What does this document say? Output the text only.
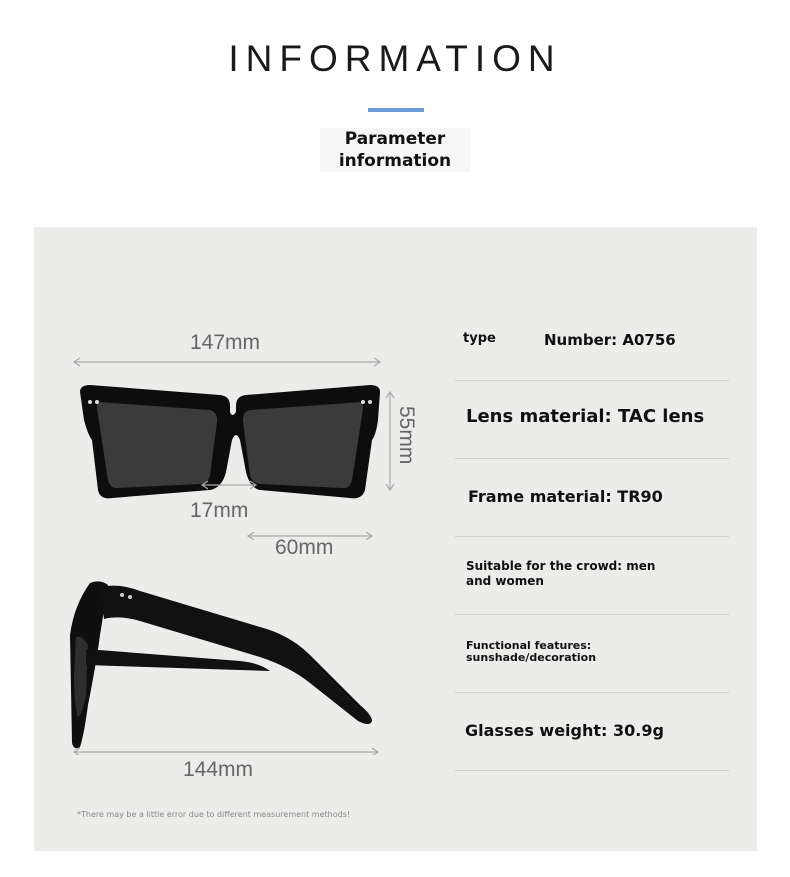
INFORMATION
Parameter
information
147mm
17mm
60mm
55mm
144mm
type	Number: A0756
Lens material: TAC lens
Frame material: TR90
Suitable for the crowd: men
and women
Functional features:
sunshade/decoration
Glasses weight: 30.9g
*There may be a little error due to different measurement methods!
